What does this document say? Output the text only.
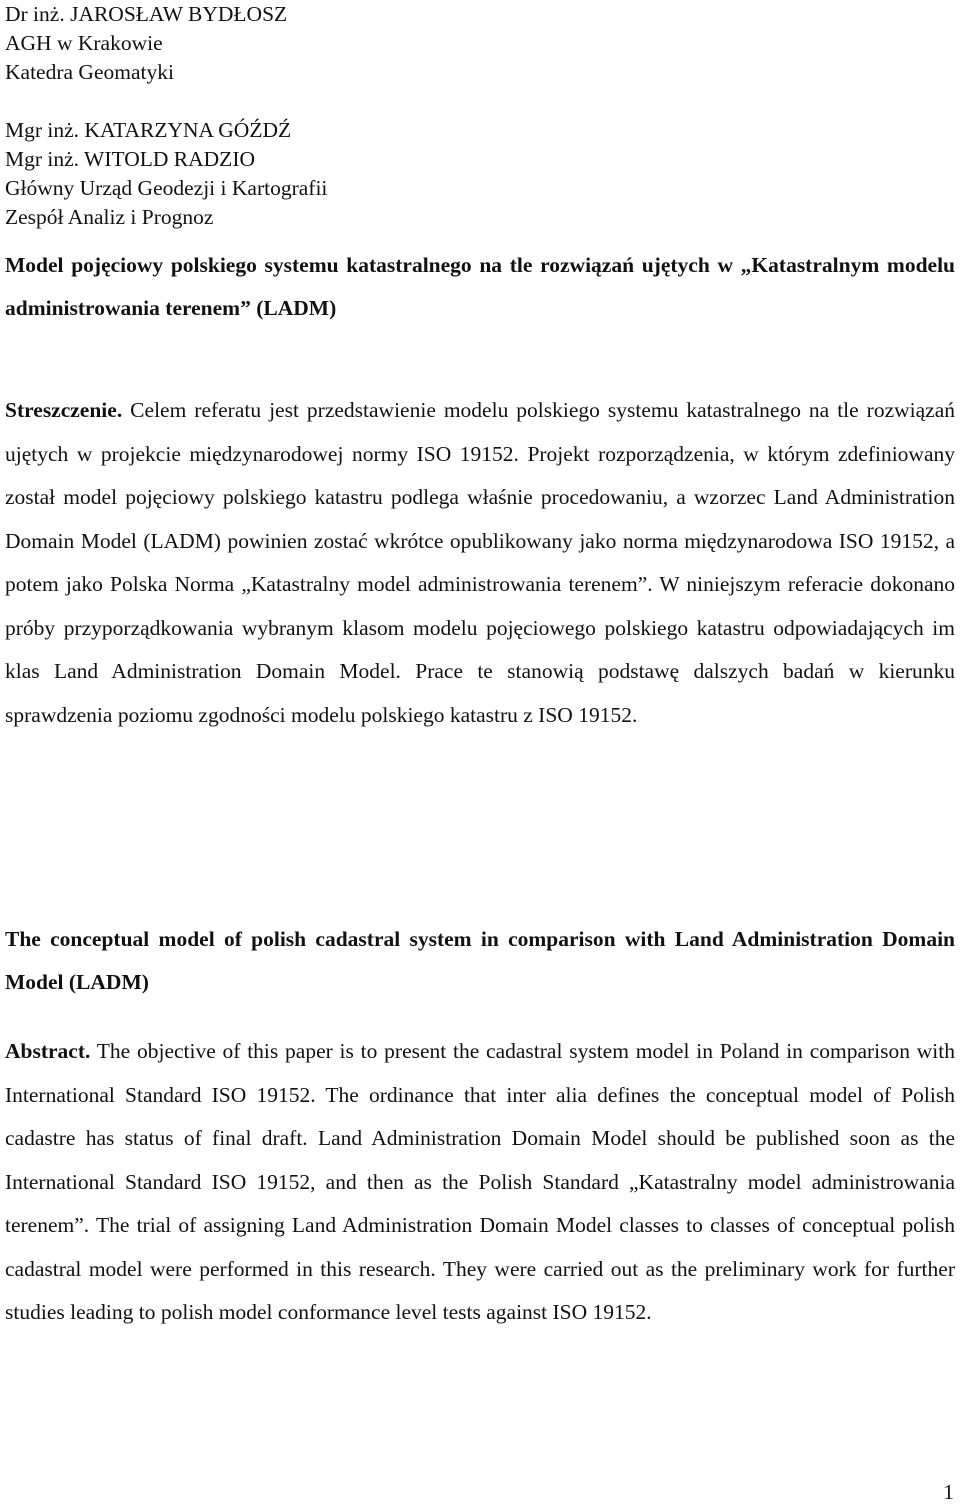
Dr inż. JAROSŁAW BYDŁOSZ
AGH w Krakowie
Katedra Geomatyki
Mgr inż. KATARZYNA GÓŹDŹ
Mgr inż. WITOLD RADZIO
Główny Urząd Geodezji i Kartografii
Zespół Analiz i Prognoz
Model pojęciowy polskiego systemu katastralnego na tle rozwiązań ujętych w „Katastralnym modelu administrowania terenem” (LADM)

Streszczenie. Celem referatu jest przedstawienie modelu polskiego systemu katastralnego na tle rozwiązań ujętych w projekcie międzynarodowej normy ISO 19152. Projekt rozporządzenia, w którym zdefiniowany został model pojęciowy polskiego katastru podlega właśnie procedowaniu, a wzorzec Land Administration Domain Model (LADM) powinien zostać wkrótce opublikowany jako norma międzynarodowa ISO 19152, a potem jako Polska Norma „Katastralny model administrowania terenem”. W niniejszym referacie dokonano próby przyporządkowania wybranym klasom modelu pojęciowego polskiego katastru odpowiadających im klas Land Administration Domain Model. Prace te stanowią podstawę dalszych badań w kierunku sprawdzenia poziomu zgodności modelu polskiego katastru z ISO 19152.

The conceptual model of polish cadastral system in comparison with Land Administration Domain Model (LADM)

Abstract. The objective of this paper is to present the cadastral system model in Poland in comparison with International Standard ISO 19152. The ordinance that inter alia defines the conceptual model of Polish cadastre has status of final draft. Land Administration Domain Model should be published soon as the International Standard ISO 19152, and then as the Polish Standard „Katastralny model administrowania terenem”. The trial of assigning Land Administration Domain Model classes to classes of conceptual polish cadastral model were performed in this research. They were carried out as the preliminary work for further studies leading to polish model conformance level tests against ISO 19152.

1
